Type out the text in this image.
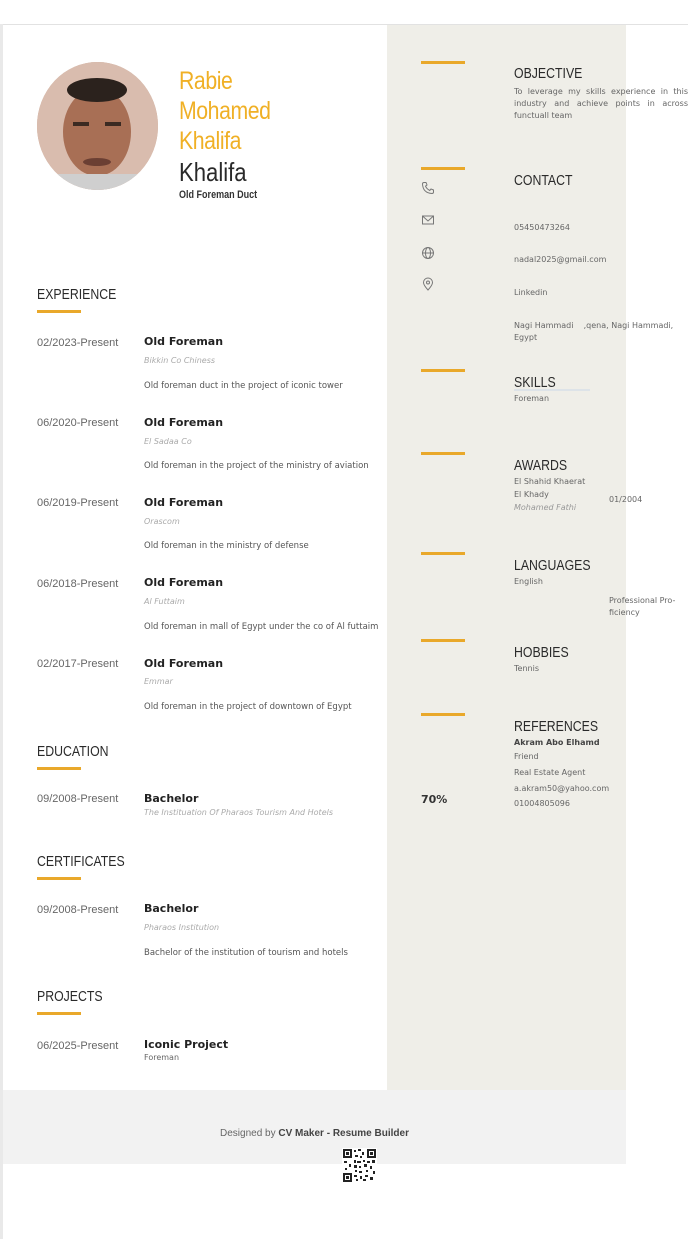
Rabie
Mohamed
Khalifa
Khalifa
Old Foreman Duct
EXPERIENCE
02/2023-Present Old Foreman
Bikkin Co Chiness
Old foreman duct in the project of iconic tower
06/2020-Present Old Foreman
El Sadaa Co
Old foreman in the project of the ministry of aviation
06/2019-Present Old Foreman
Orascom
Old foreman in the ministry of defense
06/2018-Present Old Foreman
Al Futtaim
Old foreman in mall of Egypt under the co of Al futtaim
02/2017-Present Old Foreman
Emmar
Old foreman in the project of downtown of Egypt
EDUCATION
09/2008-Present Bachelor
The Instituation Of Pharaos Tourism And Hotels
70%
CERTIFICATES
09/2008-Present Bachelor
Pharaos Institution
Bachelor of the institution of tourism and hotels
PROJECTS
06/2025-Present Iconic Project
Foreman
OBJECTIVE
To leverage my skills experience in this industry and achieve points in across functuall team
CONTACT
05450473264
nadal2025@gmail.com
Linkedin
Nagi Hammadi    ,qena, Nagi Hammadi,
Egypt
SKILLS
Foreman
AWARDS
El Shahid Khaerat
El Khady
Mohamed Fathi
01/2004
LANGUAGES
English
Professional Pro-
ficiency
HOBBIES
Tennis
REFERENCES
Akram Abo Elhamd
Friend
Real Estate Agent
a.akram50@yahoo.com
01004805096
Designed by CV Maker - Resume Builder
